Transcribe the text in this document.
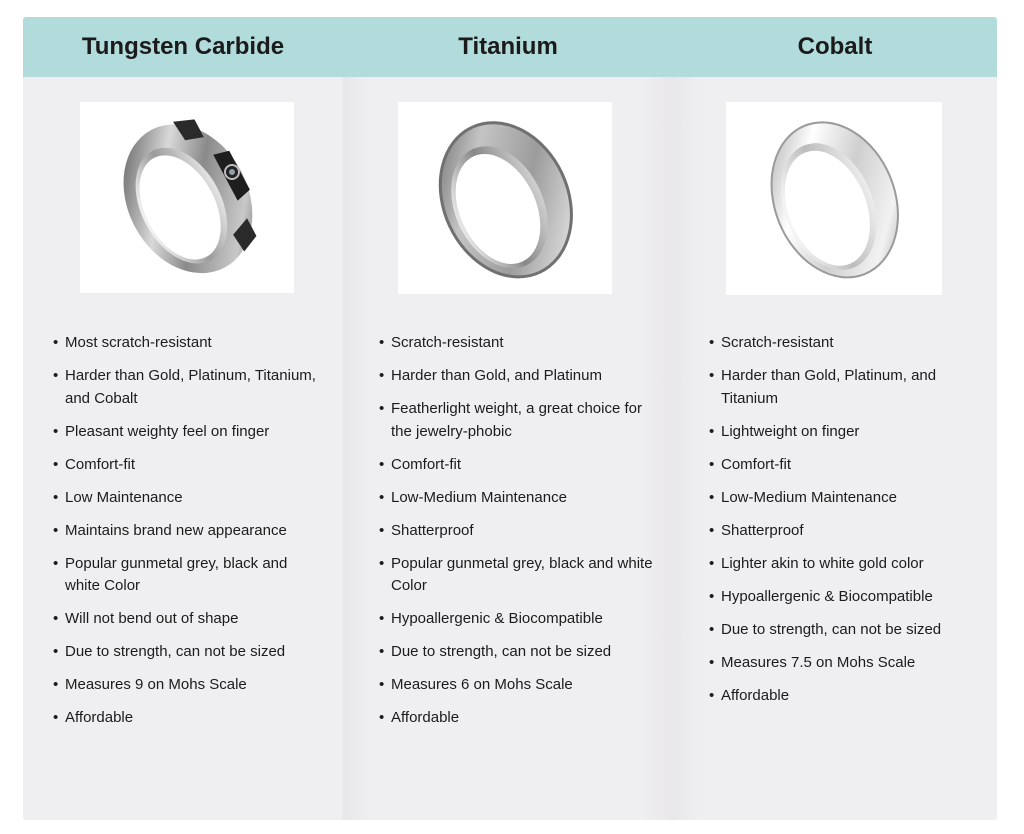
Tungsten Carbide
• Most scratch-resistant
• Harder than Gold, Platinum, Titanium, and Cobalt
• Pleasant weighty feel on finger
• Comfort-fit
• Low Maintenance
• Maintains brand new appearance
• Popular gunmetal grey, black and white Color
• Will not bend out of shape
• Due to strength, can not be sized
• Measures 9 on Mohs Scale
• Affordable
Titanium
• Scratch-resistant
• Harder than Gold, and Platinum
• Featherlight weight, a great choice for the jewelry-phobic
• Comfort-fit
• Low-Medium Maintenance
• Shatterproof
• Popular gunmetal grey, black and white Color
• Hypoallergenic & Biocompatible
• Due to strength, can not be sized
• Measures 6 on Mohs Scale
• Affordable
Cobalt
• Scratch-resistant
• Harder than Gold, Platinum, and Titanium
• Lightweight on finger
• Comfort-fit
• Low-Medium Maintenance
• Shatterproof
• Lighter akin to white gold color
• Hypoallergenic & Biocompatible
• Due to strength, can not be sized
• Measures 7.5 on Mohs Scale
• Affordable
